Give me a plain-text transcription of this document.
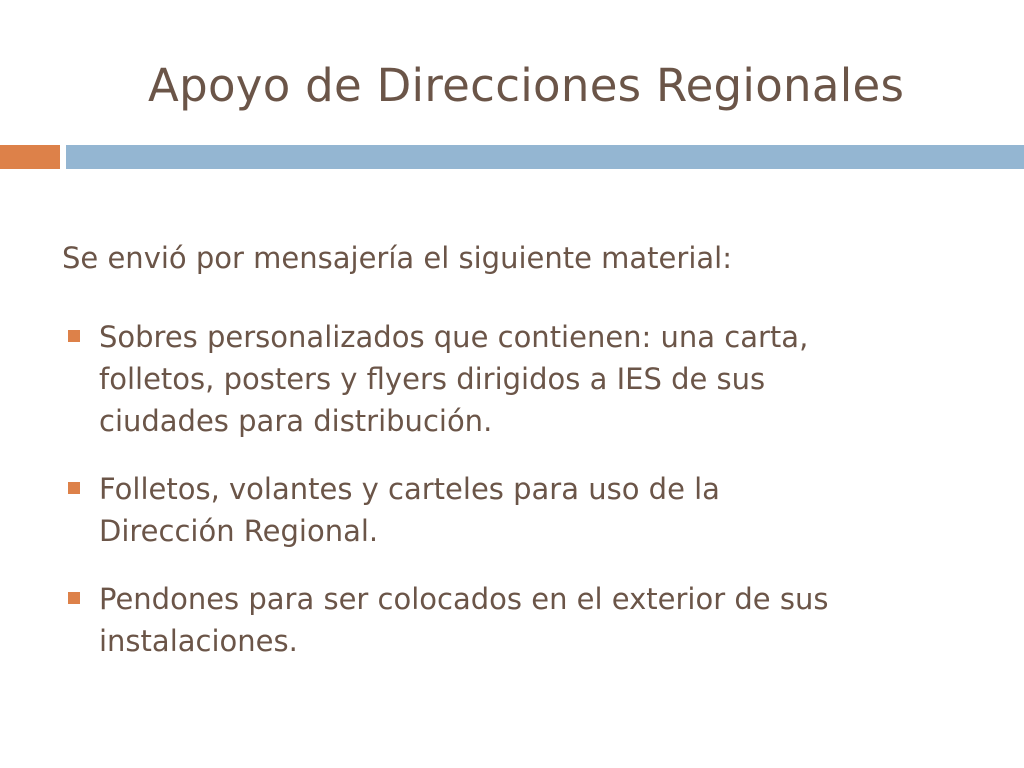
Apoyo de Direcciones Regionales

Se envió por mensajería el siguiente material:

Sobres personalizados que contienen: una carta,
folletos, posters y flyers dirigidos a IES de sus
ciudades para distribución.
Folletos, volantes y carteles para uso de la
Dirección Regional.
Pendones para ser colocados en el exterior de sus
instalaciones.
